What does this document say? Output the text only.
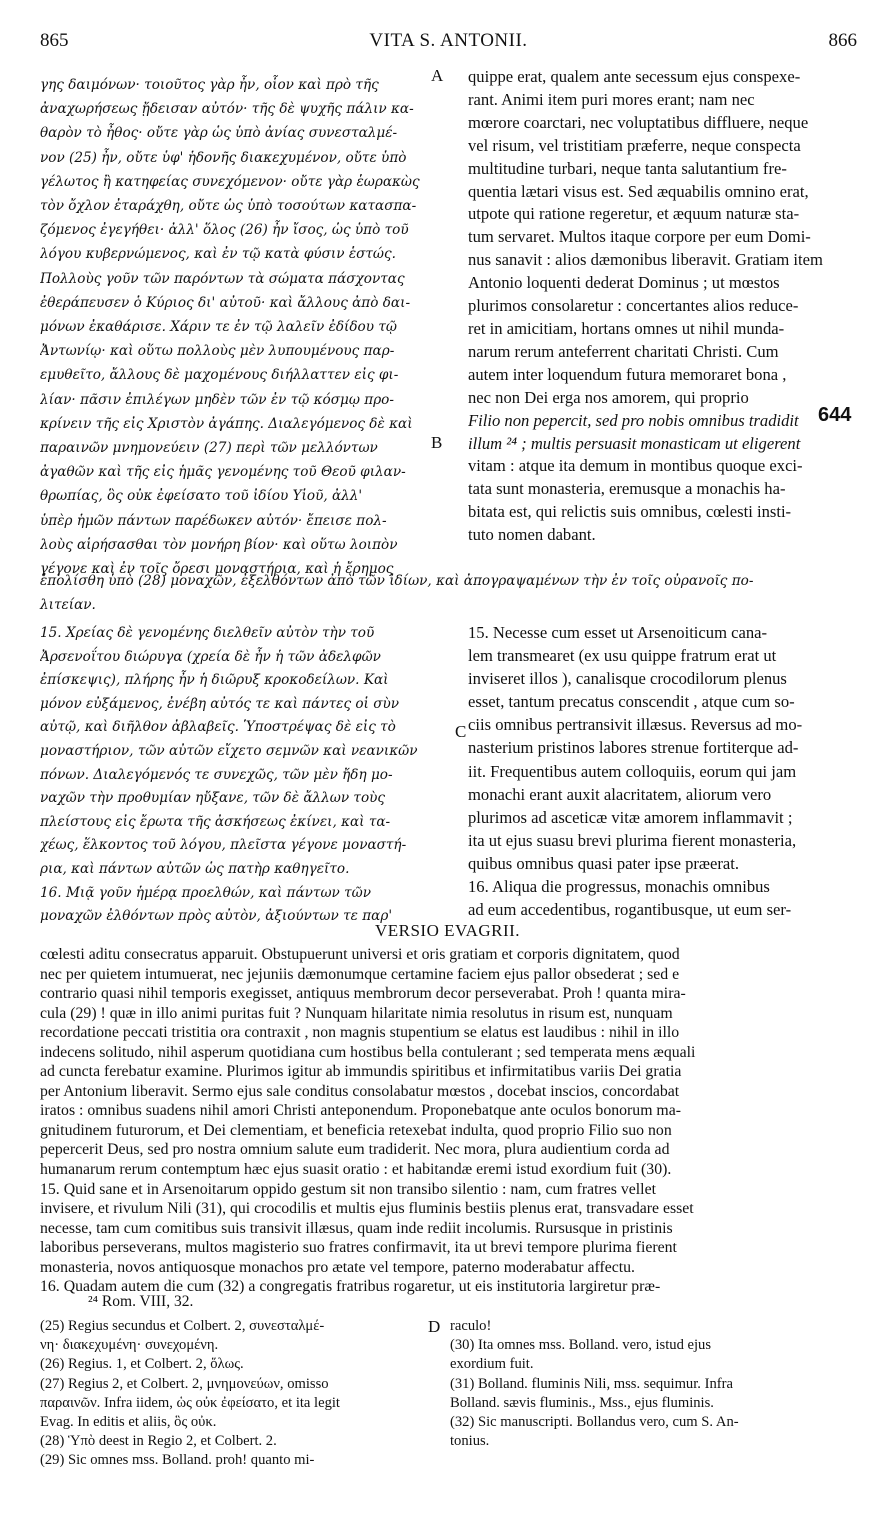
865	VITA S. ANTONII.	866
γης δαιμόνων· τοιοῦτος γὰρ ἦν, οἷον καὶ πρὸ τῆς
ἀναχωρήσεως ᾔδεισαν αὐτόν· τῆς δὲ ψυχῆς πάλιν κα-
θαρὸν τὸ ἦθος· οὔτε γὰρ ὡς ὑπὸ ἀνίας συνεσταλμέ-
νον (25) ἦν, οὔτε ὑφ' ἡδονῆς διακεχυμένον, οὔτε ὑπὸ
γέλωτος ἢ κατηφείας συνεχόμενον· οὔτε γὰρ ἑωρακὼς
τὸν ὄχλον ἐταράχθη, οὔτε ὡς ὑπὸ τοσούτων κατασπα-
ζόμενος ἐγεγήθει· ἀλλ' ὅλος (26) ἦν ἴσος, ὡς ὑπὸ τοῦ
λόγου κυβερνώμενος, καὶ ἐν τῷ κατὰ φύσιν ἑστώς.
Πολλοὺς γοῦν τῶν παρόντων τὰ σώματα πάσχοντας
ἐθεράπευσεν ὁ Κύριος δι' αὐτοῦ· καὶ ἄλλους ἀπὸ δαι-
μόνων ἐκαθάρισε. Χάριν τε ἐν τῷ λαλεῖν ἐδίδου τῷ
Ἀντωνίῳ· καὶ οὕτω πολλοὺς μὲν λυπουμένους παρ-
εμυθεῖτο, ἄλλους δὲ μαχομένους διήλλαττεν εἰς φι-
λίαν· πᾶσιν ἐπιλέγων μηδὲν τῶν ἐν τῷ κόσμῳ προ-
κρίνειν τῆς εἰς Χριστὸν ἀγάπης. Διαλεγόμενος δὲ καὶ
παραινῶν μνημονεύειν (27) περὶ τῶν μελλόντων
ἀγαθῶν καὶ τῆς εἰς ἡμᾶς γενομένης τοῦ Θεοῦ φιλαν-
θρωπίας, ὃς οὐκ ἐφείσατο τοῦ ἰδίου Υἱοῦ, ἀλλ'
ὑπὲρ ἡμῶν πάντων παρέδωκεν αὐτόν· ἔπεισε πολ-
λοὺς αἱρήσασθαι τὸν μονήρη βίον· καὶ οὕτω λοιπὸν
γέγονε καὶ ἐν τοῖς ὄρεσι μοναστήρια, καὶ ἡ ἔρημος
quippe erat, qualem ante secessum ejus conspexe-
rant. Animi item puri mores erant; nam nec
mœrore coarctari, nec voluptatibus diffluere, neque
vel risum, vel tristitiam præferre, neque conspecta
multitudine turbari, neque tanta salutantium fre-
quentia lætari visus est. Sed æquabilis omnino erat,
utpote qui ratione regeretur, et æquum naturæ sta-
tum servaret. Multos itaque corpore per eum Domi-
nus sanavit : alios dæmonibus liberavit. Gratiam item
Antonio loquenti dederat Dominus ; ut mœstos
plurimos consolaretur : concertantes alios reduce-
ret in amicitiam, hortans omnes ut nihil munda-
narum rerum anteferrent charitati Christi. Cum
autem inter loquendum futura memoraret bona ,
nec non Dei erga nos amorem, qui proprio
Filio non pepercit, sed pro nobis omnibus tradidit
illum ²⁴ ; multis persuasit monasticam ut eligerent
vitam : atque ita demum in montibus quoque exci-
tata sunt monasteria, eremusque a monachis ha-
bitata est, qui relictis suis omnibus, cœlesti insti-
tuto nomen dabant.
A
B
C
644
ἐπολίσθη ὑπὸ (28) μοναχῶν, ἐξελθόντων ἀπὸ τῶν ἰδίων, καὶ ἀπογραψαμένων τὴν ἐν τοῖς οὐρανοῖς πο-
λιτείαν.
15. Χρείας δὲ γενομένης διελθεῖν αὐτὸν τὴν τοῦ
Ἀρσενοΐτου διώρυγα (χρεία δὲ ἦν ἡ τῶν ἀδελφῶν
ἐπίσκεψις), πλήρης ἦν ἡ διῶρυξ κροκοδείλων. Καὶ
μόνον εὐξάμενος, ἐνέβη αὐτός τε καὶ πάντες οἱ σὺν
αὐτῷ, καὶ διῆλθον ἀβλαβεῖς. Ὑποστρέψας δὲ εἰς τὸ
μοναστήριον, τῶν αὐτῶν εἴχετο σεμνῶν καὶ νεανικῶν
πόνων. Διαλεγόμενός τε συνεχῶς, τῶν μὲν ἤδη μο-
ναχῶν τὴν προθυμίαν ηὔξανε, τῶν δὲ ἄλλων τοὺς
πλείστους εἰς ἔρωτα τῆς ἀσκήσεως ἐκίνει, καὶ τα-
χέως, ἕλκοντος τοῦ λόγου, πλεῖστα γέγονε μοναστή-
ρια, καὶ πάντων αὐτῶν ὡς πατὴρ καθηγεῖτο.
16. Μιᾷ γοῦν ἡμέρᾳ προελθών, καὶ πάντων τῶν
μοναχῶν ἐλθόντων πρὸς αὐτὸν, ἀξιούντων τε παρ'
15. Necesse cum esset ut Arsenoiticum cana-
lem transmearet (ex usu quippe fratrum erat ut
inviseret illos ), canalisque crocodilorum plenus
esset, tantum precatus conscendit , atque cum so-
ciis omnibus pertransivit illæsus. Reversus ad mo-
nasterium pristinos labores strenue fortiterque ad-
iit. Frequentibus autem colloquiis, eorum qui jam
monachi erant auxit alacritatem, aliorum vero
plurimos ad asceticæ vitæ amorem inflammavit ;
ita ut ejus suasu brevi plurima fierent monasteria,
quibus omnibus quasi pater ipse præerat.
16. Aliqua die progressus, monachis omnibus
ad eum accedentibus, rogantibusque, ut eum ser-
VERSIO EVAGRII.
cœlesti aditu consecratus apparuit. Obstupuerunt universi et oris gratiam et corporis dignitatem, quod
nec per quietem intumuerat, nec jejuniis dæmonumque certamine faciem ejus pallor obsederat ; sed e
contrario quasi nihil temporis exegisset, antiquus membrorum decor perseverabat. Proh ! quanta mira-
cula (29) ! quæ in illo animi puritas fuit ? Nunquam hilaritate nimia resolutus in risum est, nunquam
recordatione peccati tristitia ora contraxit , non magnis stupentium se elatus est laudibus : nihil in illo
indecens solitudo, nihil asperum quotidiana cum hostibus bella contulerant ; sed temperata mens æquali
ad cuncta ferebatur examine. Plurimos igitur ab immundis spiritibus et infirmitatibus variis Dei gratia
per Antonium liberavit. Sermo ejus sale conditus consolabatur mœstos , docebat inscios, concordabat
iratos : omnibus suadens nihil amori Christi anteponendum. Proponebatque ante oculos bonorum ma-
gnitudinem futurorum, et Dei clementiam, et beneficia retexebat indulta, quod proprio Filio suo non
pepercerit Deus, sed pro nostra omnium salute eum tradiderit. Nec mora, plura audientium corda ad
humanarum rerum contemptum hæc ejus suasit oratio : et habitandæ eremi istud exordium fuit (30).
15. Quid sane et in Arsenoitarum oppido gestum sit non transibo silentio : nam, cum fratres vellet
invisere, et rivulum Nili (31), qui crocodilis et multis ejus fluminis bestiis plenus erat, transvadare esset
necesse, tam cum comitibus suis transivit illæsus, quam inde rediit incolumis. Rursusque in pristinis
laboribus perseverans, multos magisterio suo fratres confirmavit, ita ut brevi tempore plurima fierent
monasteria, novos antiquosque monachos pro ætate vel tempore, paterno moderabatur affectu.
16. Quadam autem die cum (32) a congregatis fratribus rogaretur, ut eis institutoria largiretur præ-
²⁴ Rom. VIII, 32.
(25) Regius secundus et Colbert. 2, συνεσταλμέ-
νη· διακεχυμένη· συνεχομένη.
(26) Regius. 1, et Colbert. 2, ὅλως.
(27) Regius 2, et Colbert. 2, μνημονεύων, omisso
παραινῶν. Infra iidem, ὡς οὐκ ἐφείσατο, et ita legit
Evag. In editis et aliis, ὃς οὐκ.
(28) Ὑπὸ deest in Regio 2, et Colbert. 2.
(29) Sic omnes mss. Bolland. proh! quanto mi-
D raculo!
(30) Ita omnes mss. Bolland. vero, istud ejus
exordium fuit.
(31) Bolland. fluminis Nili, mss. sequimur. Infra
Bolland. sævis fluminis., Mss., ejus fluminis.
(32) Sic manuscripti. Bollandus vero, cum S. An-
tonius.
